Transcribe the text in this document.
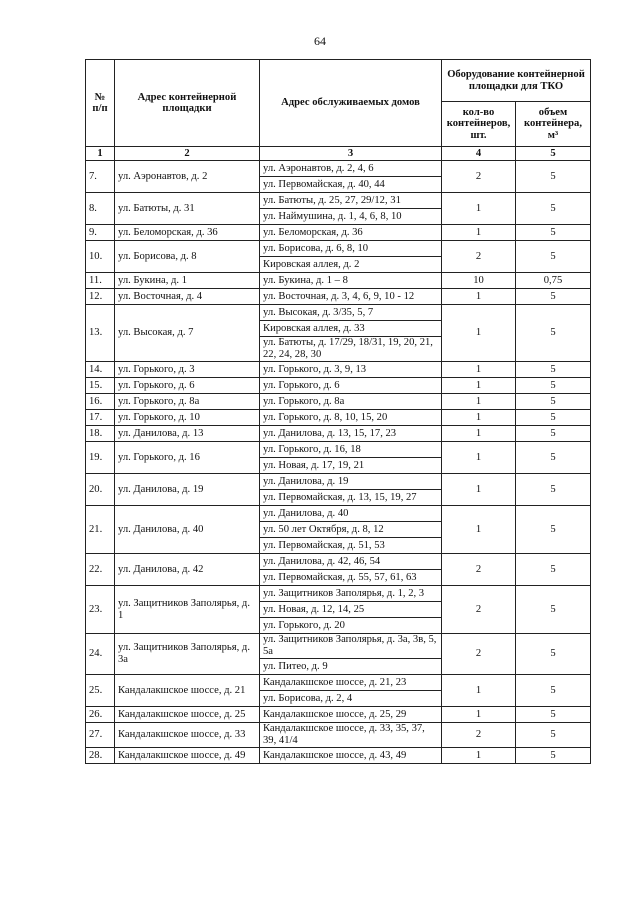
64
№ п/п	Адрес контейнерной площадки	Адрес обслуживаемых домов	Оборудование контейнерной площадки для ТКО	
			кол-во контейнеров, шт.	объем контейнера, м³
1	2	3	4	5
7.	ул. Аэронавтов, д. 2	ул. Аэронавтов, д. 2, 4, 6	2	5
		ул. Первомайская, д. 40, 44		
8.	ул. Батюты, д. 31	ул. Батюты, д. 25, 27, 29/12, 31	1	5
		ул. Наймушина, д. 1, 4, 6, 8, 10		
9.	ул. Беломорская, д. 36	ул. Беломорская, д. 36	1	5
10.	ул. Борисова, д. 8	ул. Борисова, д. 6, 8, 10	2	5
		Кировская аллея, д. 2		
11.	ул. Букина, д. 1	ул. Букина, д. 1 – 8	10	0,75
12.	ул. Восточная, д. 4	ул. Восточная, д. 3, 4, 6, 9, 10 - 12	1	5
13.	ул. Высокая, д. 7	ул. Высокая, д. 3/35, 5, 7	1	5
		Кировская аллея, д. 33		
		ул. Батюты, д. 17/29, 18/31, 19, 20, 21, 22, 24, 28, 30		
14.	ул. Горького, д. 3	ул. Горького, д. 3, 9, 13	1	5
15.	ул. Горького, д. 6	ул. Горького, д. 6	1	5
16.	ул. Горького, д. 8а	ул. Горького, д. 8а	1	5
17.	ул. Горького, д. 10	ул. Горького, д. 8, 10, 15, 20	1	5
18.	ул. Данилова, д. 13	ул. Данилова, д. 13, 15, 17, 23	1	5
19.	ул. Горького, д. 16	ул. Горького, д. 16, 18	1	5
		ул. Новая, д. 17, 19, 21		
20.	ул. Данилова, д. 19	ул. Данилова, д. 19	1	5
		ул. Первомайская, д. 13, 15, 19, 27		
21.	ул. Данилова, д. 40	ул. Данилова, д. 40	1	5
		ул. 50 лет Октября, д. 8, 12		
		ул. Первомайская, д. 51, 53		
22.	ул. Данилова, д. 42	ул. Данилова, д. 42, 46, 54	2	5
		ул. Первомайская, д. 55, 57, 61, 63		
23.	ул. Защитников Заполярья, д. 1	ул. Защитников Заполярья, д. 1, 2, 3	2	5
		ул. Новая, д. 12, 14, 25		
		ул. Горького, д. 20		
24.	ул. Защитников Заполярья, д. 3а	ул. Защитников Заполярья, д. 3а, 3в, 5, 5а	2	5
		ул. Питео, д. 9		
25.	Кандалакшское шоссе, д. 21	Кандалакшское шоссе, д. 21, 23	1	5
		ул. Борисова, д. 2, 4		
26.	Кандалакшское шоссе, д. 25	Кандалакшское шоссе, д. 25, 29	1	5
27.	Кандалакшское шоссе, д. 33	Кандалакшское шоссе, д. 33, 35, 37, 39, 41/4	2	5
28.	Кандалакшское шоссе, д. 49	Кандалакшское шоссе, д. 43, 49	1	5
